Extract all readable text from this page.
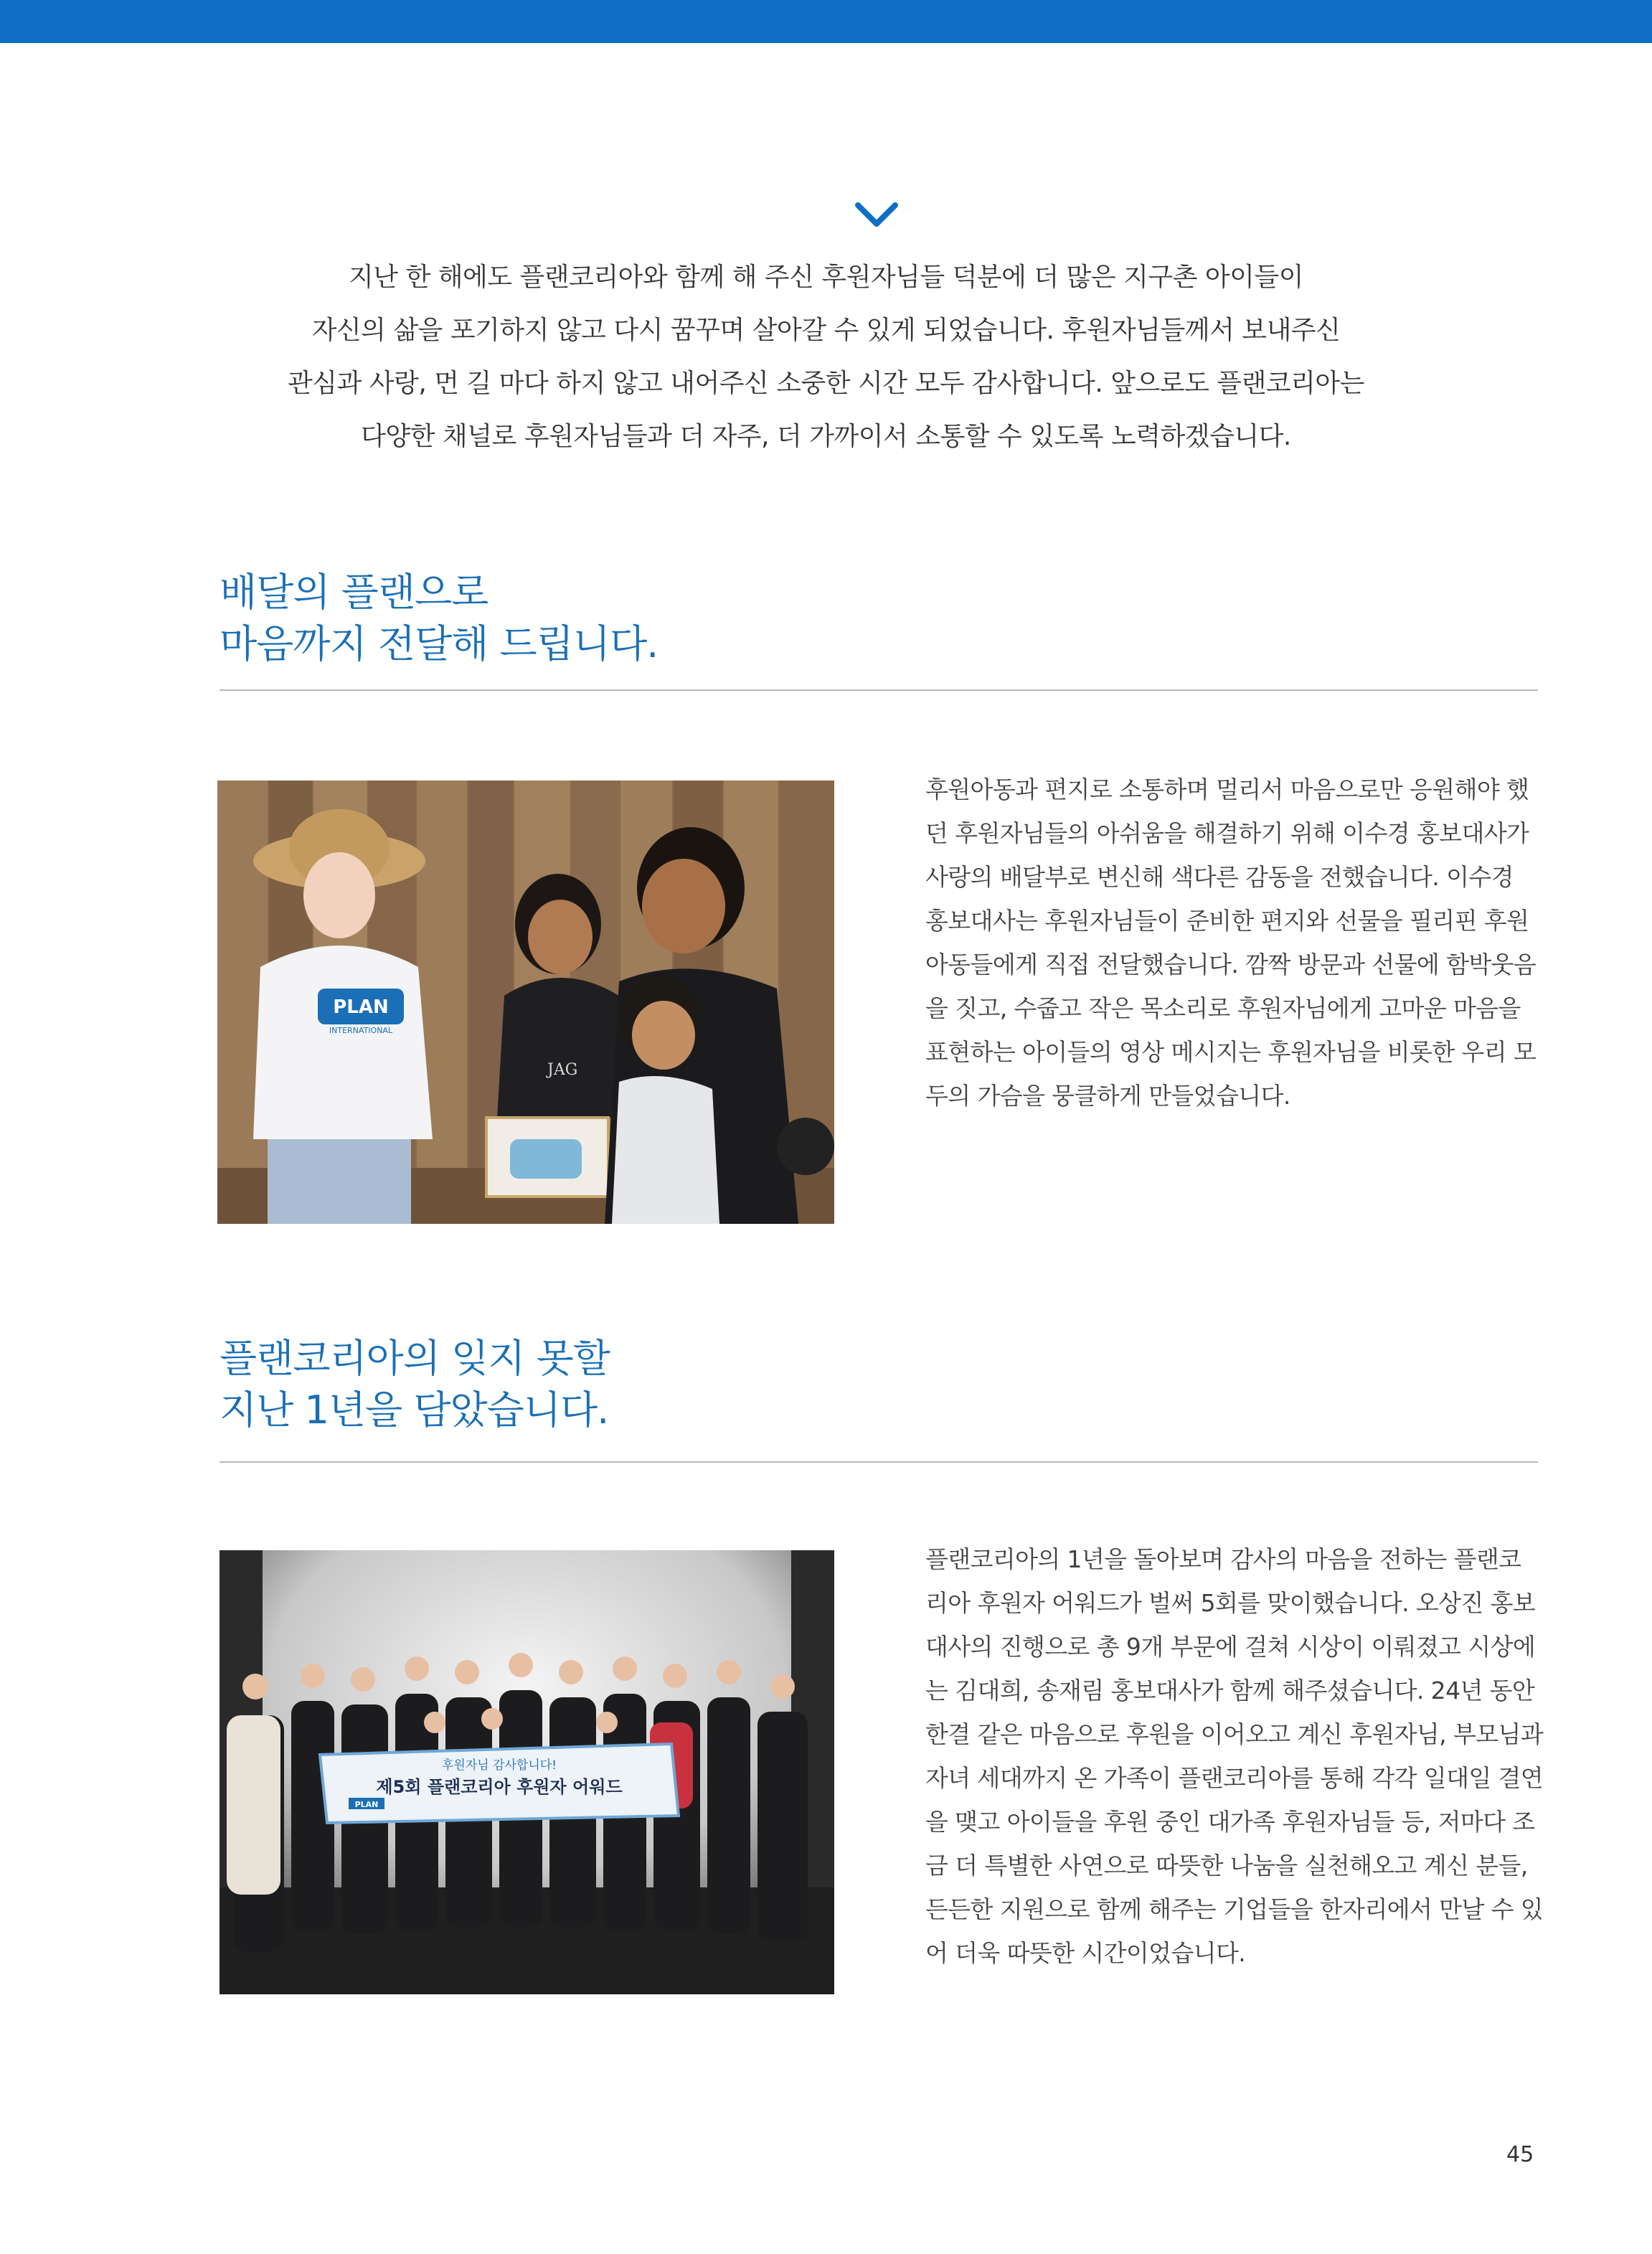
지난 한 해에도 플랜코리아와 함께 해 주신 후원자님들 덕분에 더 많은 지구촌 아이들이

자신의 삶을 포기하지 않고 다시 꿈꾸며 살아갈 수 있게 되었습니다. 후원자님들께서 보내주신

관심과 사랑, 먼 길 마다 하지 않고 내어주신 소중한 시간 모두 감사합니다. 앞으로도 플랜코리아는

다양한 채널로 후원자님들과 더 자주, 더 가까이서 소통할 수 있도록 노력하겠습니다.

배달의 플랜으로
마음까지 전달해 드립니다.
PLAN
INTERNATIONAL
JAG

후원아동과 편지로 소통하며 멀리서 마음으로만 응원해야 했

던 후원자님들의 아쉬움을 해결하기 위해 이수경 홍보대사가

사랑의 배달부로 변신해 색다른 감동을 전했습니다. 이수경

홍보대사는 후원자님들이 준비한 편지와 선물을 필리핀 후원

아동들에게 직접 전달했습니다. 깜짝 방문과 선물에 함박웃음

을 짓고, 수줍고 작은 목소리로 후원자님에게 고마운 마음을

표현하는 아이들의 영상 메시지는 후원자님을 비롯한 우리 모

두의 가슴을 뭉클하게 만들었습니다.

플랜코리아의 잊지 못할
지난 1년을 담았습니다.
후원자님 감사합니다!
제5회 플랜코리아 후원자 어워드
PLAN

플랜코리아의 1년을 돌아보며 감사의 마음을 전하는 플랜코

리아 후원자 어워드가 벌써 5회를 맞이했습니다. 오상진 홍보

대사의 진행으로 총 9개 부문에 걸쳐 시상이 이뤄졌고 시상에

는 김대희, 송재림 홍보대사가 함께 해주셨습니다. 24년 동안

한결 같은 마음으로 후원을 이어오고 계신 후원자님, 부모님과

자녀 세대까지 온 가족이 플랜코리아를 통해 각각 일대일 결연

을 맺고 아이들을 후원 중인 대가족 후원자님들 등, 저마다 조

금 더 특별한 사연으로 따뜻한 나눔을 실천해오고 계신 분들,

든든한 지원으로 함께 해주는 기업들을 한자리에서 만날 수 있

어 더욱 따뜻한 시간이었습니다.

45
